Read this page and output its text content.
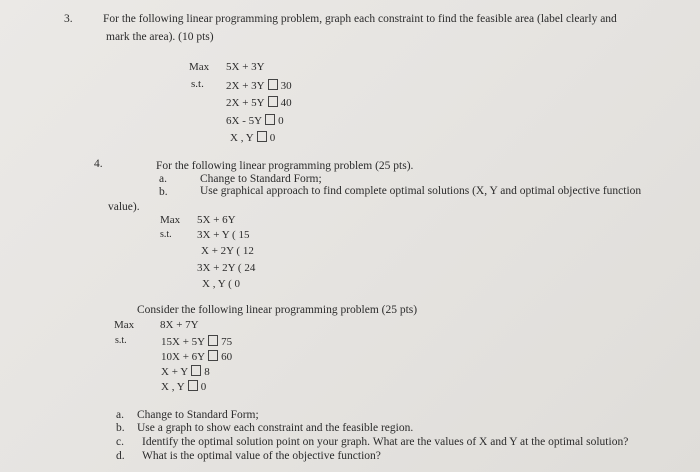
3.	For the following linear programming problem, graph each constraint to find the feasible area (label clearly and
mark the area). (10 pts)
Max 5X + 3Y
s.t. 2X + 3Y 30
2X + 5Y 40
6X - 5Y 0
X , Y 0
4.	For the following linear programming problem (25 pts).
a.	Change to Standard Form;
b.	Use graphical approach to find complete optimal solutions (X, Y and optimal objective function
value).
Max 5X + 6Y
s.t. 3X + Y ( 15
X + 2Y ( 12
3X + 2Y ( 24
X , Y ( 0
Consider the following linear programming problem (25 pts)
Max 8X + 7Y
s.t.	15X + 5Y 75
10X + 6Y 60
X + Y 8
X , Y 0
a. Change to Standard Form;
b. Use a graph to show each constraint and the feasible region.
c. Identify the optimal solution point on your graph. What are the values of X and Y at the optimal solution?
d. What is the optimal value of the objective function?
